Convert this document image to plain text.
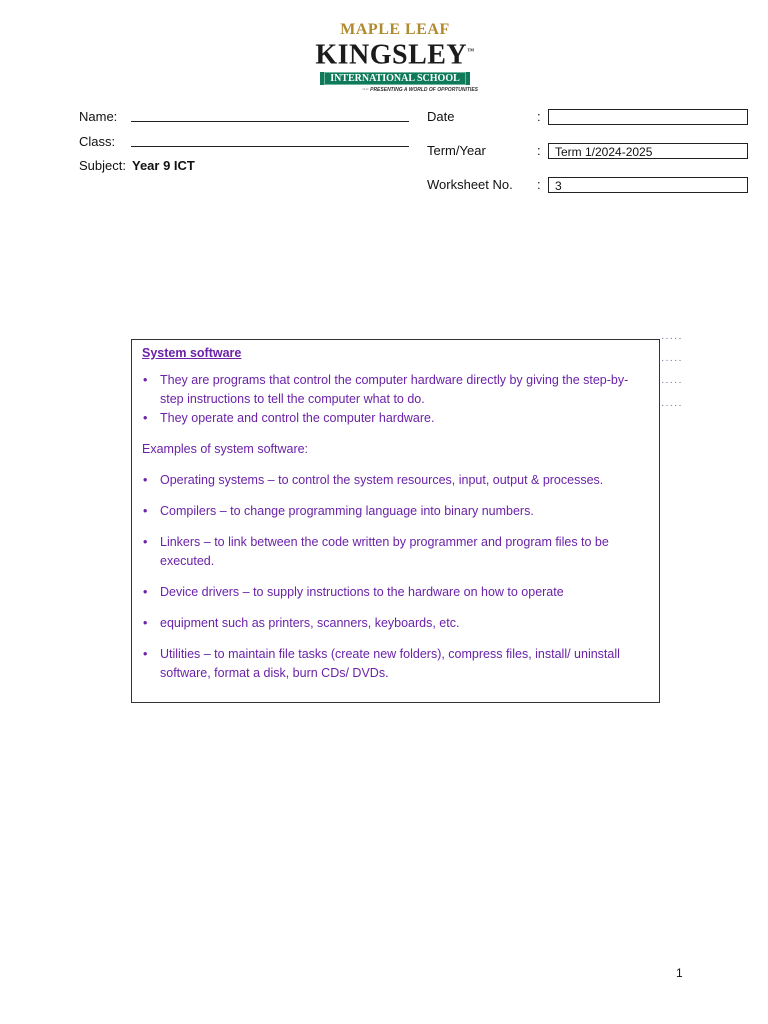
MAPLE LEAF
KINGSLEY™
INTERNATIONAL SCHOOL
···· PRESENTING A WORLD OF OPPORTUNITIES
Name:
Class:
Subject: Year 9 ICT
Date	:
Term/Year	:	Term 1/2024-2025
Worksheet No. :	3
·····
·····
·····
·····
System software
• They are programs that control the computer hardware directly by giving the step-by- step instructions to tell the computer what to do.
• They operate and control the computer hardware.
Examples of system software:
• Operating systems – to control the system resources, input, output & processes.
• Compilers – to change programming language into binary numbers.
• Linkers – to link between the code written by programmer and program files to be executed.
• Device drivers – to supply instructions to the hardware on how to operate
• equipment such as printers, scanners, keyboards, etc.
• Utilities – to maintain file tasks (create new folders), compress files, install/ uninstall software, format a disk, burn CDs/ DVDs.
1
